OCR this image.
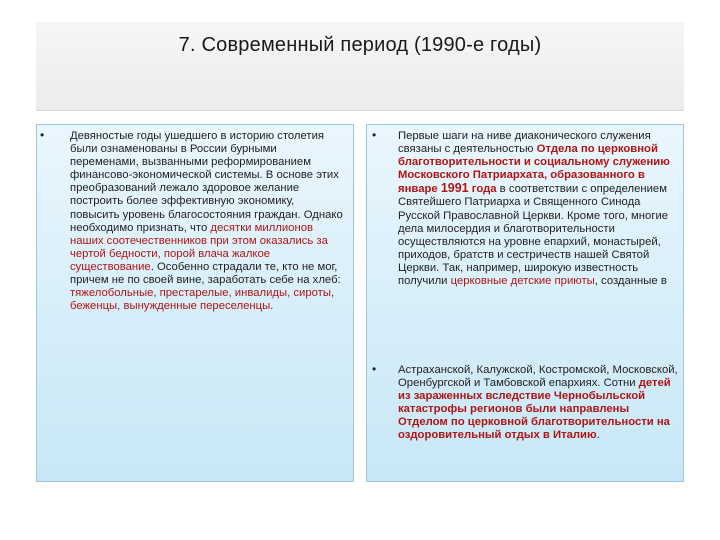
7. Современный период (1990-е годы)
• Девяностые годы ушедшего в историю столетия были ознаменованы в России бурными переменами, вызванными реформированием финансово-экономической системы. В основе этих преобразований лежало здоровое желание построить более эффективную экономику, повысить уровень благосостояния граждан. Однако необходимо признать, что десятки миллионов наших соотечественников при этом оказались за чертой бедности, порой влача жалкое существование. Особенно страдали те, кто не мог, причем не по своей вине, заработать себе на хлеб: тяжелобольные, престарелые, инвалиды, сироты, беженцы, вынужденные переселенцы.
• Первые шаги на ниве диаконического служения связаны с деятельностью Отдела по церковной благотворительности и социальному служению Московского Патриархата, образованного в январе 1991 года в соответствии с определением Святейшего Патриарха и Священного Синода Русской Православной Церкви. Кроме того, многие дела милосердия и благотворительности осуществляются на уровне епархий, монастырей, приходов, братств и сестричеств нашей Святой Церкви. Так, например, широкую известность получили церковные детские приюты, созданные в
• Астраханской, Калужской, Костромской, Московской, Оренбургской и Тамбовской епархиях. Сотни детей из зараженных вследствие Чернобыльской катастрофы регионов были направлены Отделом по церковной благотворительности на оздоровительный отдых в Италию.
